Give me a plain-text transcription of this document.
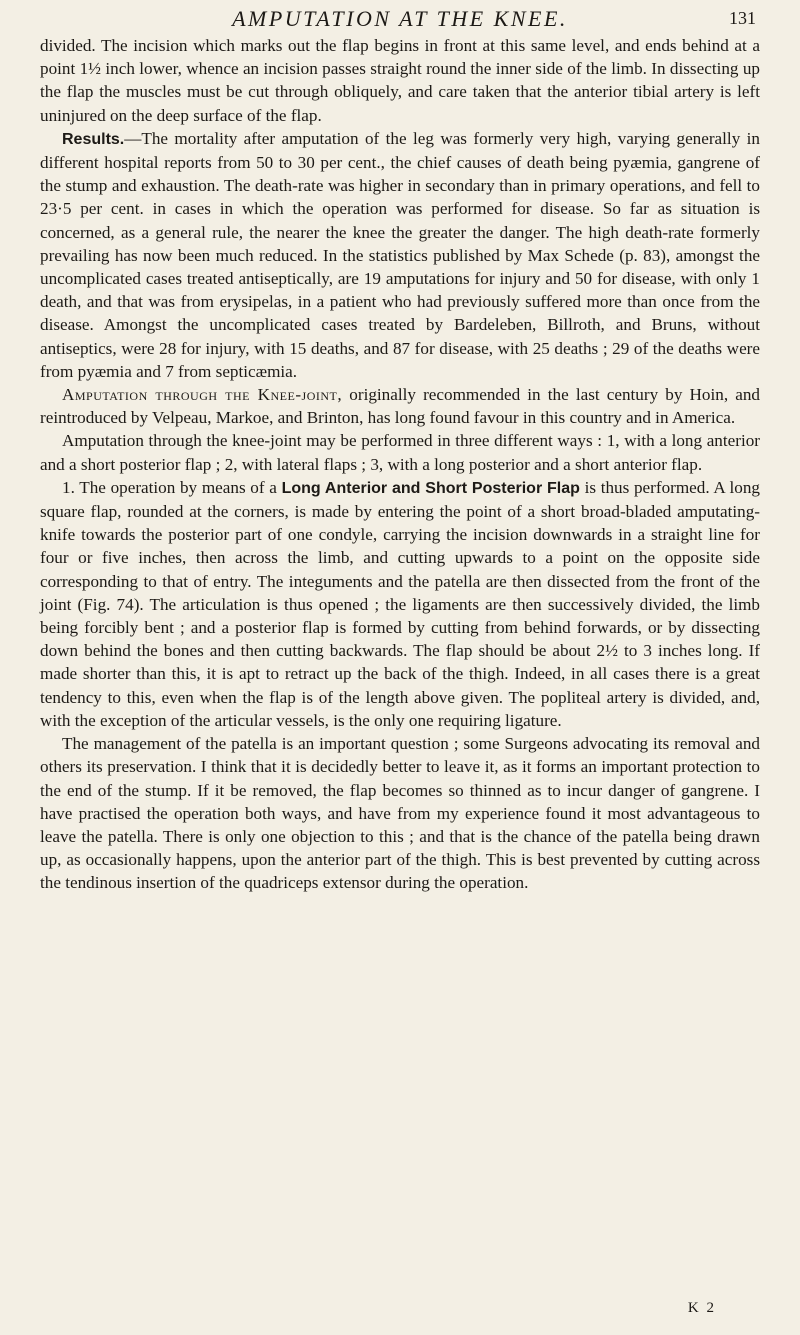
AMPUTATION AT THE KNEE.	131

divided. The incision which marks out the flap begins in front at this same level, and ends behind at a point 1½ inch lower, whence an incision passes straight round the inner side of the limb. In dissecting up the flap the muscles must be cut through obliquely, and care taken that the anterior tibial artery is left uninjured on the deep surface of the flap.

Results.—The mortality after amputation of the leg was formerly very high, varying generally in different hospital reports from 50 to 30 per cent., the chief causes of death being pyæmia, gangrene of the stump and exhaustion. The death-rate was higher in secondary than in primary operations, and fell to 23·5 per cent. in cases in which the operation was performed for disease. So far as situation is concerned, as a general rule, the nearer the knee the greater the danger. The high death-rate formerly prevailing has now been much reduced. In the statistics published by Max Schede (p. 83), amongst the uncomplicated cases treated antiseptically, are 19 amputations for injury and 50 for disease, with only 1 death, and that was from erysipelas, in a patient who had previously suffered more than once from the disease. Amongst the uncomplicated cases treated by Bardeleben, Billroth, and Bruns, without antiseptics, were 28 for injury, with 15 deaths, and 87 for disease, with 25 deaths ; 29 of the deaths were from pyæmia and 7 from septicæmia.

Amputation through the Knee-joint, originally recommended in the last century by Hoin, and reintroduced by Velpeau, Markoe, and Brinton, has long found favour in this country and in America.

Amputation through the knee-joint may be performed in three different ways : 1, with a long anterior and a short posterior flap ; 2, with lateral flaps ; 3, with a long posterior and a short anterior flap.

1. The operation by means of a Long Anterior and Short Posterior Flap is thus performed. A long square flap, rounded at the corners, is made by entering the point of a short broad-bladed amputating-knife towards the posterior part of one condyle, carrying the incision downwards in a straight line for four or five inches, then across the limb, and cutting upwards to a point on the opposite side corresponding to that of entry. The integuments and the patella are then dissected from the front of the joint (Fig. 74). The articulation is thus opened ; the ligaments are then successively divided, the limb being forcibly bent ; and a posterior flap is formed by cutting from behind forwards, or by dissecting down behind the bones and then cutting backwards. The flap should be about 2½ to 3 inches long. If made shorter than this, it is apt to retract up the back of the thigh. Indeed, in all cases there is a great tendency to this, even when the flap is of the length above given. The popliteal artery is divided, and, with the exception of the articular vessels, is the only one requiring ligature.

The management of the patella is an important question ; some Surgeons advocating its removal and others its preservation. I think that it is decidedly better to leave it, as it forms an important protection to the end of the stump. If it be removed, the flap becomes so thinned as to incur danger of gangrene. I have practised the operation both ways, and have from my experience found it most advantageous to leave the patella. There is only one objection to this ; and that is the chance of the patella being drawn up, as occasionally happens, upon the anterior part of the thigh. This is best prevented by cutting across the tendinous insertion of the quadriceps extensor during the operation.

K 2
